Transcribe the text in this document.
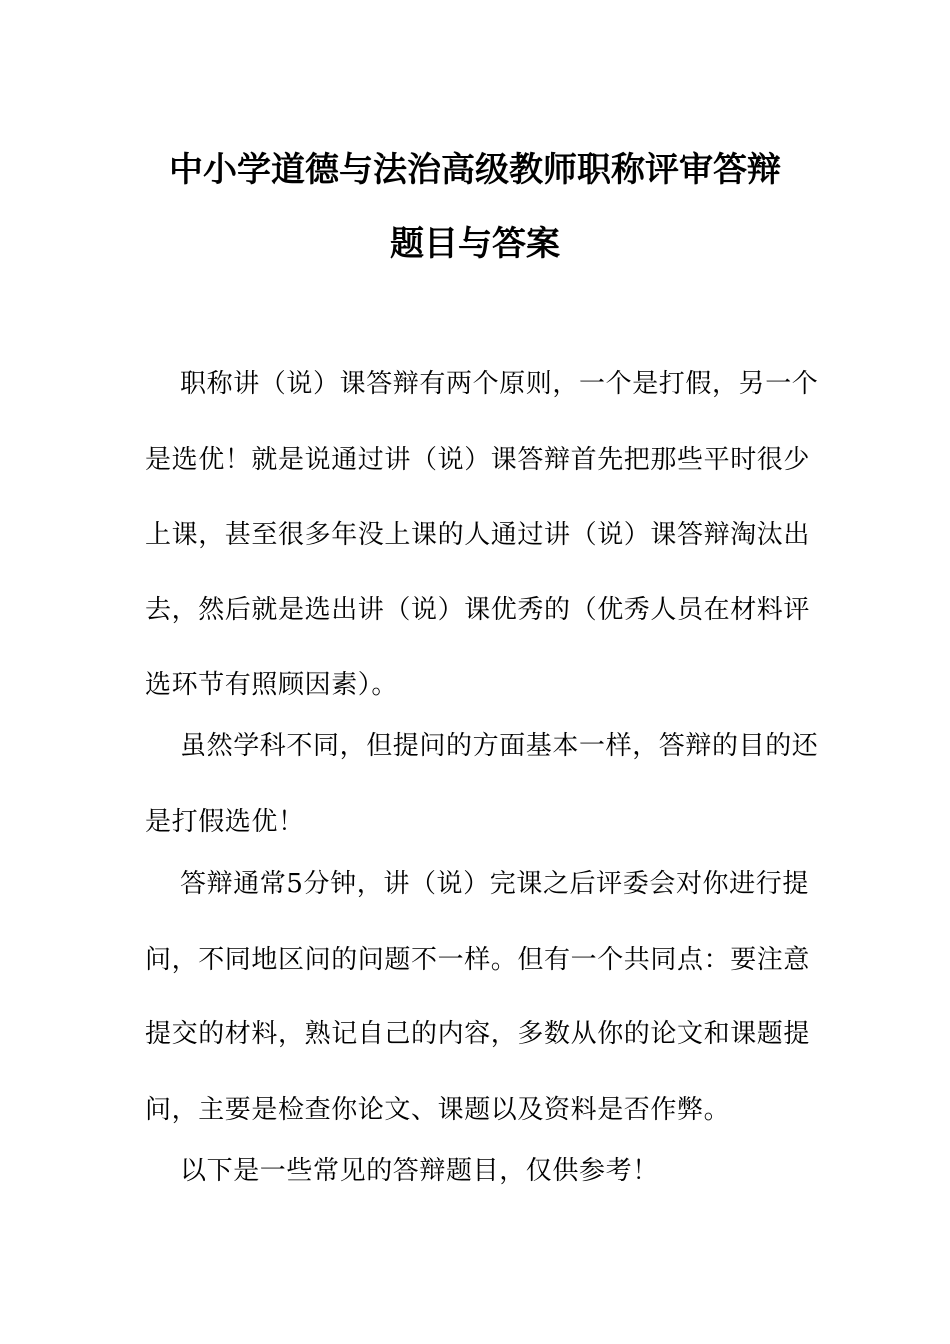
中小学道德与法治高级教师职称评审答辩
题目与答案
职称讲（说）课答辩有两个原则，一个是打假，另一个
是选优！就是说通过讲（说）课答辩首先把那些平时很少
上课，甚至很多年没上课的人通过讲（说）课答辩淘汰出
去，然后就是选出讲（说）课优秀的（优秀人员在材料评
选环节有照顾因素）。
虽然学科不同，但提问的方面基本一样，答辩的目的还
是打假选优！
答辩通常5分钟，讲（说）完课之后评委会对你进行提
问，不同地区问的问题不一样。但有一个共同点：要注意
提交的材料，熟记自己的内容，多数从你的论文和课题提
问，主要是检查你论文、课题以及资料是否作弊。
以下是一些常见的答辩题目，仅供参考！
